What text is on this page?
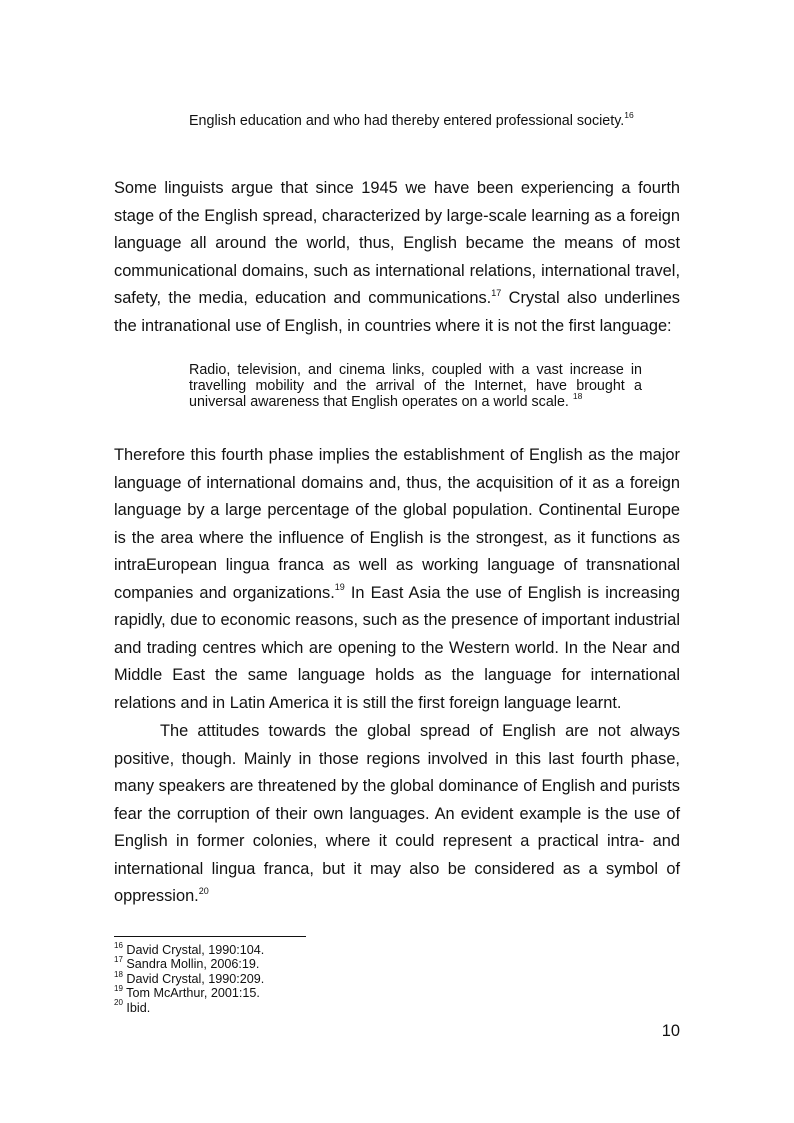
English education and who had thereby entered professional society.$^{16}$

Some linguists argue that since 1945 we have been experiencing a fourth stage of the English spread, characterized by large-scale learning as a foreign language all around the world, thus, English became the means of most communicational domains, such as international relations, international travel, safety, the media, education and communications.$^{17}$ Crystal also underlines the intranational use of English, in countries where it is not the first language:

Radio, television, and cinema links, coupled with a vast increase in travelling mobility and the arrival of the Internet, have brought a universal awareness that English operates on a world scale. $^{18}$

Therefore this fourth phase implies the establishment of English as the major language of international domains and, thus, the acquisition of it as a foreign language by a large percentage of the global population. Continental Europe is the area where the influence of English is the strongest, as it functions as intraEuropean lingua franca as well as working language of transnational companies and organizations.$^{19}$ In East Asia the use of English is increasing rapidly, due to economic reasons, such as the presence of important industrial and trading centres which are opening to the Western world. In the Near and Middle East the same language holds as the language for international relations and in Latin America it is still the first foreign language learnt.

The attitudes towards the global spread of English are not always positive, though. Mainly in those regions involved in this last fourth phase, many speakers are threatened by the global dominance of English and purists fear the corruption of their own languages. An evident example is the use of English in former colonies, where it could represent a practical intra- and international lingua franca, but it may also be considered as a symbol of oppression.$^{20}$

$^{16}$ David Crystal, 1990:104.
$^{17}$ Sandra Mollin, 2006:19.
$^{18}$ David Crystal, 1990:209.
$^{19}$ Tom McArthur, 2001:15.
$^{20}$ Ibid.
10
